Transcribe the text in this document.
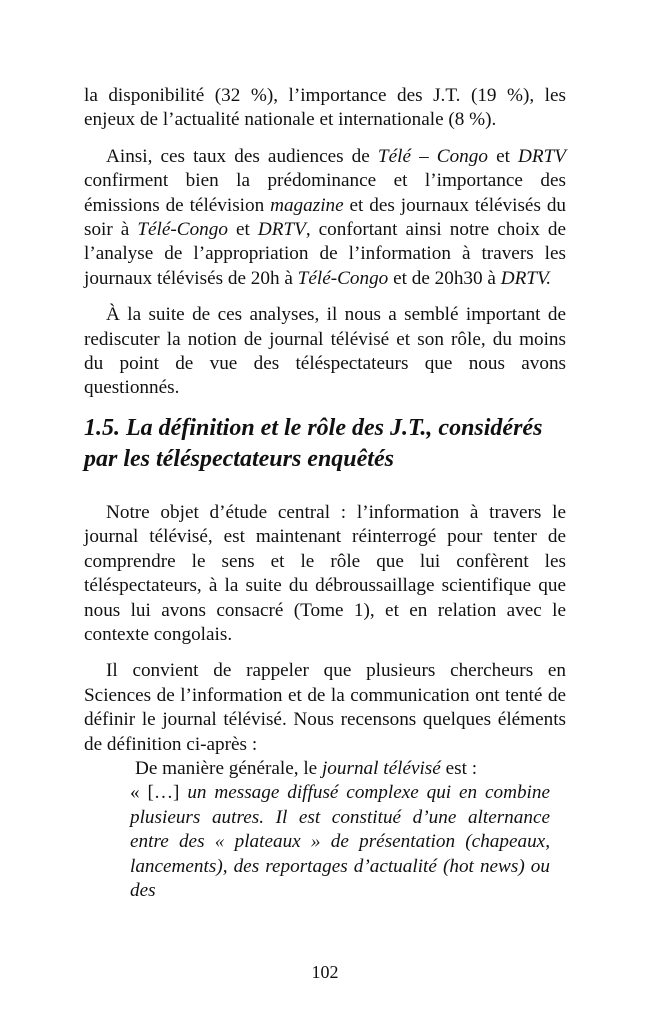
la disponibilité (32 %), l’importance des J.T. (19 %), les enjeux de l’actualité nationale et internationale (8 %).

Ainsi, ces taux des audiences de Télé – Congo et DRTV confirment bien la prédominance et l’importance des émissions de télévision magazine et des journaux télévisés du soir à Télé-Congo et DRTV, confortant ainsi notre choix de l’analyse de l’appropriation de l’information à travers les journaux télévisés de 20h à Télé-Congo et de 20h30 à DRTV.

À la suite de ces analyses, il nous a semblé important de rediscuter la notion de journal télévisé et son rôle, du moins du point de vue des téléspectateurs que nous avons questionnés.

1.5. La définition et le rôle des J.T., considérés par les téléspectateurs enquêtés

Notre objet d’étude central : l’information à travers le journal télévisé, est maintenant réinterrogé pour tenter de comprendre le sens et le rôle que lui confèrent les téléspectateurs, à la suite du débroussaillage scientifique que nous lui avons consacré (Tome 1), et en relation avec le contexte congolais.

Il convient de rappeler que plusieurs chercheurs en Sciences de l’information et de la communication ont tenté de définir le journal télévisé. Nous recensons quelques éléments de définition ci-après :

De manière générale, le journal télévisé est :

« […] un message diffusé complexe qui en combine plusieurs autres. Il est constitué d’une alternance entre des « plateaux » de présentation (chapeaux, lancements), des reportages d’actualité (hot news) ou des

102
